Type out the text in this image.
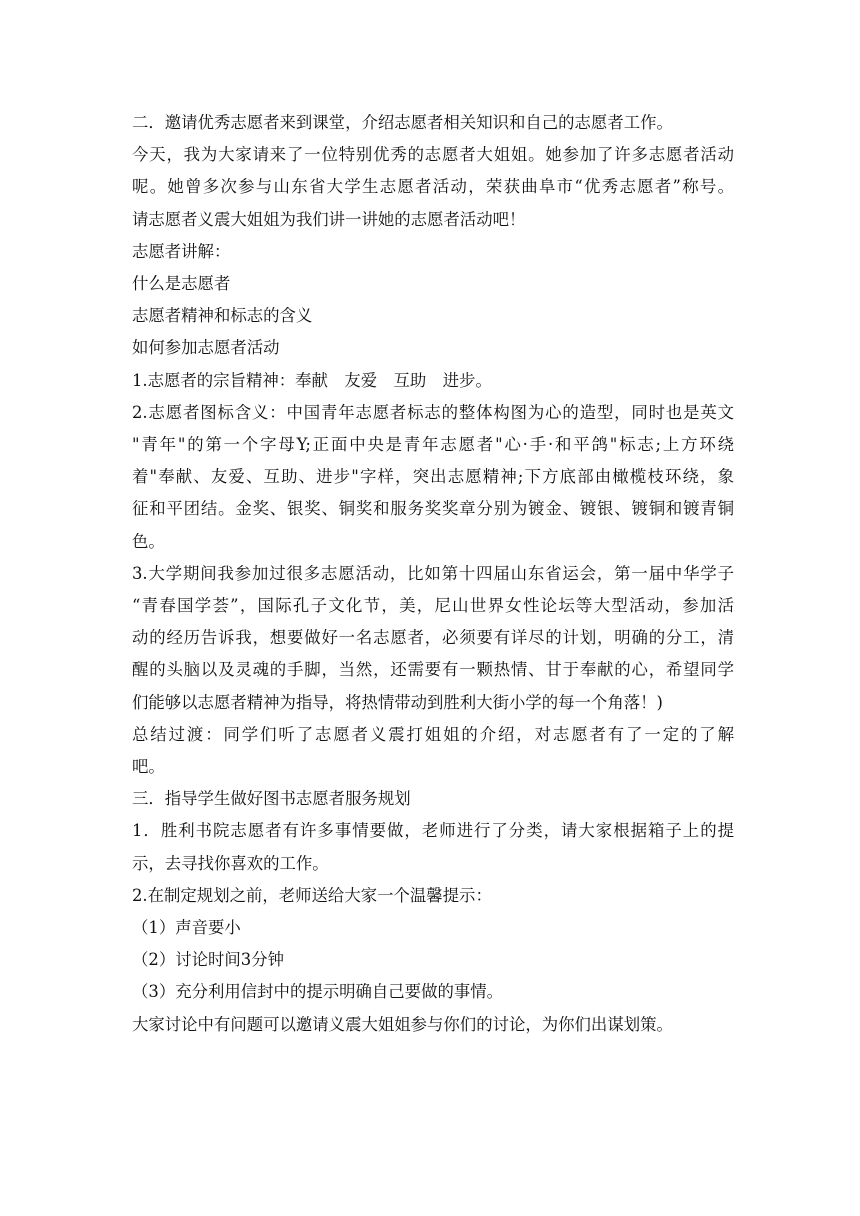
二．邀请优秀志愿者来到课堂，介绍志愿者相关知识和自己的志愿者工作。

今天，我为大家请来了一位特别优秀的志愿者大姐姐。她参加了许多志愿者活动

呢。她曾多次参与山东省大学生志愿者活动，荣获曲阜市“优秀志愿者”称号。

请志愿者义震大姐姐为我们讲一讲她的志愿者活动吧！

志愿者讲解：

什么是志愿者

志愿者精神和标志的含义

如何参加志愿者活动

1.志愿者的宗旨精神：奉献　友爱　互助　进步。

2.志愿者图标含义：中国青年志愿者标志的整体构图为心的造型，同时也是英文

"青年"的第一个字母Y;正面中央是青年志愿者"心·手·和平鸽"标志;上方环绕

着"奉献、友爱、互助、进步"字样，突出志愿精神;下方底部由橄榄枝环绕，象

征和平团结。金奖、银奖、铜奖和服务奖奖章分别为镀金、镀银、镀铜和镀青铜

色。

3.大学期间我参加过很多志愿活动，比如第十四届山东省运会，第一届中华学子

“青春国学荟”，国际孔子文化节，美，尼山世界女性论坛等大型活动，参加活

动的经历告诉我，想要做好一名志愿者，必须要有详尽的计划，明确的分工，清

醒的头脑以及灵魂的手脚，当然，还需要有一颗热情、甘于奉献的心，希望同学

们能够以志愿者精神为指导，将热情带动到胜利大街小学的每一个角落！)

总结过渡：同学们听了志愿者义震打姐姐的介绍，对志愿者有了一定的了解

吧。

三．指导学生做好图书志愿者服务规划

1．胜利书院志愿者有许多事情要做，老师进行了分类，请大家根据箱子上的提

示，去寻找你喜欢的工作。

2.在制定规划之前，老师送给大家一个温馨提示：

（1）声音要小

（2）讨论时间3分钟

（3）充分利用信封中的提示明确自己要做的事情。

大家讨论中有问题可以邀请义震大姐姐参与你们的讨论，为你们出谋划策。
